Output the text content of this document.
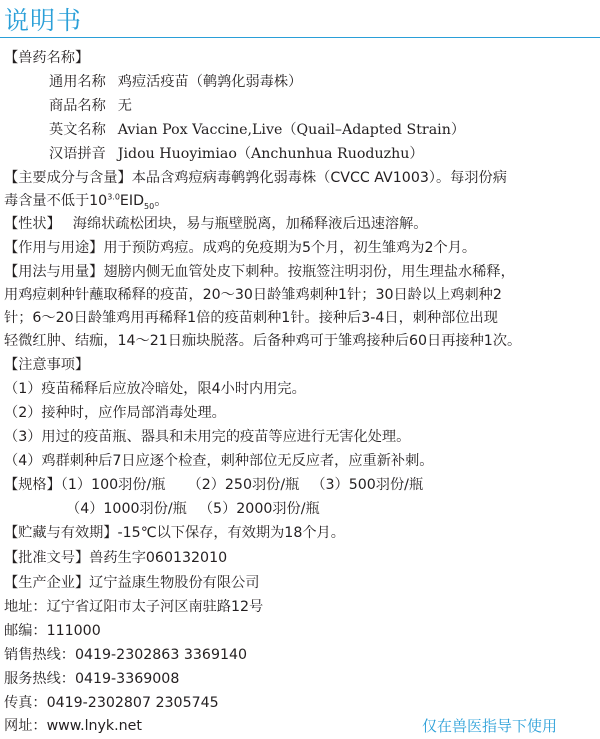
说明书
【兽药名称】
通用名称 鸡痘活疫苗（鹌鹑化弱毒株）
商品名称 无
英文名称 Avian Pox Vaccine,Live（Quail–Adapted Strain）
汉语拼音 Jidou Huoyimiao（Anchunhua Ruoduzhu）
【主要成分与含量】本品含鸡痘病毒鹌鹑化弱毒株（CVCC AV1003）。每羽份病
毒含量不低于$10^{3.0}EID_{50}$。
【性状】 海绵状疏松团块，易与瓶壁脱离，加稀释液后迅速溶解。
【作用与用途】用于预防鸡痘。成鸡的免疫期为5个月，初生雏鸡为2个月。
【用法与用量】翅膀内侧无血管处皮下刺种。按瓶签注明羽份，用生理盐水稀释，
用鸡痘刺种针蘸取稀释的疫苗，20～30日龄雏鸡刺种1针；30日龄以上鸡刺种2
针；6～20日龄雏鸡用再稀释1倍的疫苗刺种1针。接种后3-4日，刺种部位出现
轻微红肿、结痂，14～21日痂块脱落。后备种鸡可于雏鸡接种后60日再接种1次。
【注意事项】
（1）疫苗稀释后应放冷暗处，限4小时内用完。
（2）接种时，应作局部消毒处理。
（3）用过的疫苗瓶、器具和未用完的疫苗等应进行无害化处理。
（4）鸡群刺种后7日应逐个检查，刺种部位无反应者，应重新补刺。
【规格】（1）100羽份/瓶 （2）250羽份/瓶 （3）500羽份/瓶
（4）1000羽份/瓶 （5）2000羽份/瓶
【贮藏与有效期】-15℃以下保存，有效期为18个月。
【批准文号】兽药生字060132010
【生产企业】辽宁益康生物股份有限公司
地址：辽宁省辽阳市太子河区南驻路12号
邮编：111000
销售热线：0419-2302863 3369140
服务热线：0419-3369008
传真：0419-2302807 2305745
网址：www.lnyk.net	仅在兽医指导下使用
